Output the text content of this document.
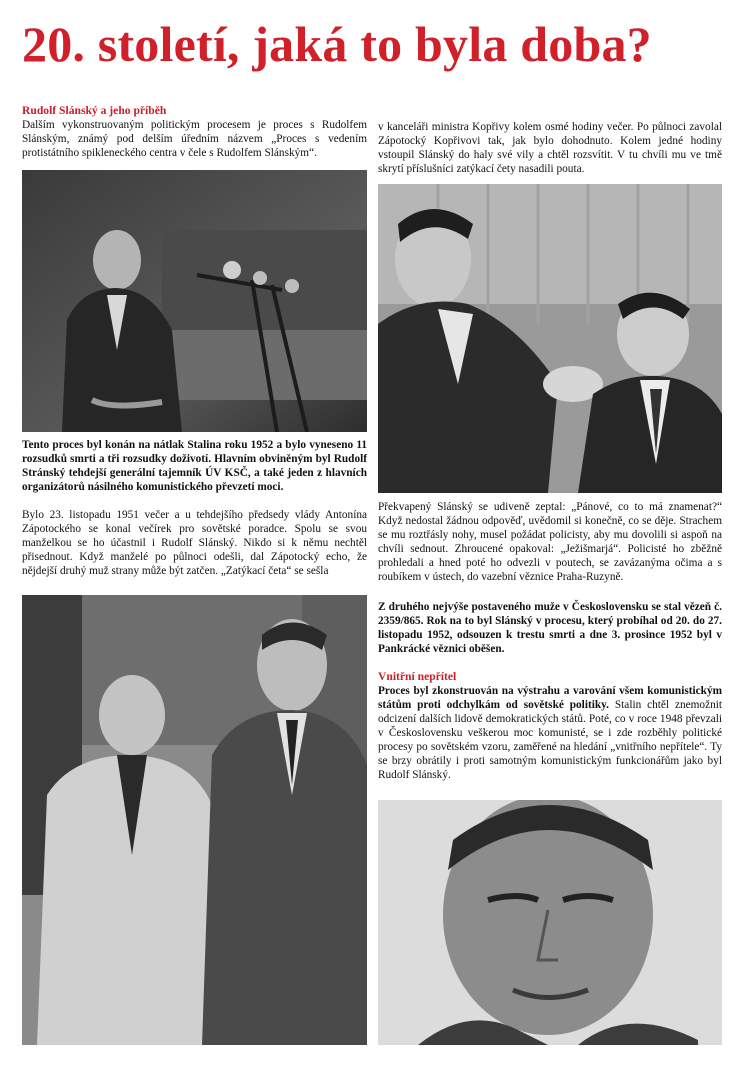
20. století, jaká to byla doba?

Rudolf Slánský a jeho příběh

Dalším vykonstruovaným politickým procesem je proces s Rudolfem Slánským, známý pod delším úředním názvem „Proces s vedením protistátního spikleneckého centra v čele s Rudolfem Slánským“.

Tento proces byl konán na nátlak Stalina roku 1952 a bylo vyneseno 11 rozsudků smrti a tři rozsudky doživotí. Hlavním obviněným byl Rudolf Stránský tehdejší generální tajemník ÚV KSČ, a také jeden z hlavních organizátorů násilného komunistického převzetí moci.

Bylo 23. listopadu 1951 večer a u tehdejšího předsedy vlády Antonína Zápotockého se konal večírek pro sovětské poradce. Spolu se svou manželkou se ho účastnil i Rudolf Slánský. Nikdo si k němu nechtěl přisednout. Když manželé po půlnoci odešli, dal Zápotocký echo, že nějdejší druhý muž strany může být zatčen. „Zatýkací četa“ se sešla

v kanceláři ministra Kopřivy kolem osmé hodiny večer. Po půlnoci zavolal Zápotocký Kopřivovi tak, jak bylo dohodnuto. Kolem jedné hodiny vstoupil Slánský do haly své vily a chtěl rozsvítit. V tu chvíli mu ve tmě skrytí příslušníci zatýkací čety nasadili pouta.

Překvapený Slánský se udiveně zeptal: „Pánové, co to má znamenat?“ Když nedostal žádnou odpověď, uvědomil si konečně, co se děje. Strachem se mu roztřásly nohy, musel požádat policisty, aby mu dovolili si aspoň na chvíli sednout. Zhroucené opakoval: „Ježišmarjá“. Policisté ho zběžně prohledali a hned poté ho odvezli v poutech, se zavázanýma očima a s roubíkem v ústech, do vazební věznice Praha-Ruzyně.

Z druhého nejvýše postaveného muže v Československu se stal vězeň č. 2359/865. Rok na to byl Slánský v procesu, který probíhal od 20. do 27. listopadu 1952, odsouzen k trestu smrti a dne 3. prosince 1952 byl v Pankrácké věznici oběšen.

Vnitřní nepřítel

Proces byl zkonstruován na výstrahu a varování všem komunistickým státům proti odchylkám od sovětské politiky. Stalin chtěl znemožnit odcizení dalších lidově demokratických států. Poté, co v roce 1948 převzali v Československu veškerou moc komunisté, se i zde rozběhly politické procesy po sovětském vzoru, zaměřené na hledání „vnitřního nepřítele“. Ty se brzy obrátily i proti samotným komunistickým funkcionářům jako byl Rudolf Slánský.
